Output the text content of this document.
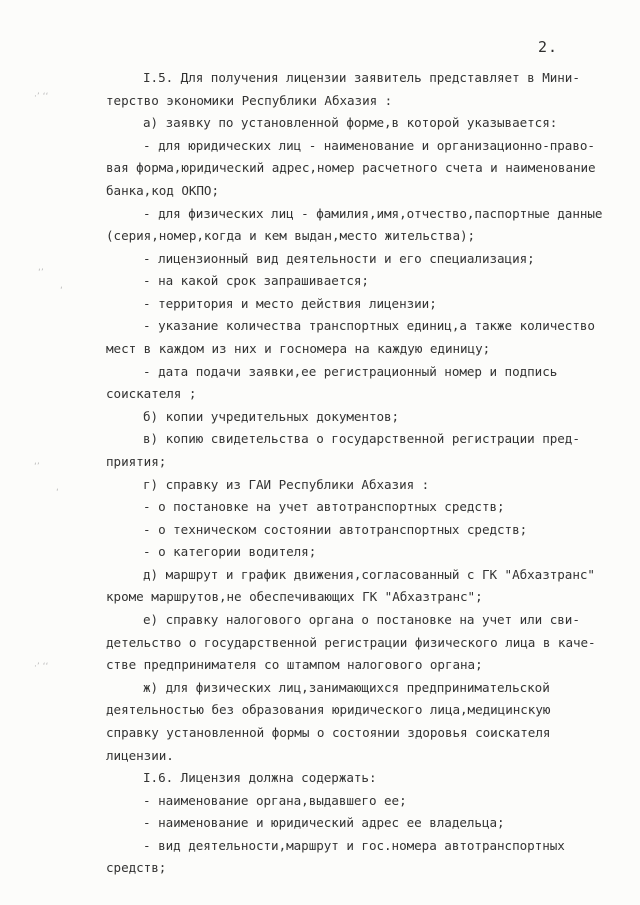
2.
I.5. Для получения лицензии заявитель представляет в Мини-
терство экономики Республики Абхазия :
а) заявку по установленной форме,в которой указывается:
- для юридических лиц - наименование и организационно-право-
вая форма,юридический адрес,номер расчетного счета и наименование
банка,код ОКПО;
- для физических лиц - фамилия,имя,отчество,паспортные данные
(серия,номер,когда и кем выдан,место жительства);
- лицензионный вид деятельности и его специализация;
- на какой срок запрашивается;
- территория и место действия лицензии;
- указание количества транспортных единиц,а также количество
мест в каждом из них и госномера на каждую единицу;
- дата подачи заявки,ее регистрационный номер и подпись
соискателя ;
б) копии учредительных документов;
в) копию свидетельства о государственной регистрации пред-
приятия;
г) справку из ГАИ Республики Абхазия :
- о постановке на учет автотранспортных средств;
- о техническом состоянии автотранспортных средств;
- о категории водителя;
д) маршрут и график движения,согласованный с ГК "Абхазтранс"
кроме маршрутов,не обеспечивающих ГК "Абхазтранс";
е) справку налогового органа о постановке на учет или сви-
детельство о государственной регистрации физического лица в каче-
стве предпринимателя со штампом налогового органа;
ж) для физических лиц,занимающихся предпринимательской
деятельностью без образования юридического лица,медицинскую
справку установленной формы о состоянии здоровья соискателя
лицензии.
I.6. Лицензия должна содержать:
- наименование органа,выдавшего ее;
- наименование и юридический адрес ее владельца;
- вид деятельности,маршрут и гос.номера автотранспортных
средств;
⋅ʼ ‘‘
‘’
‘
‘’
‘
⋅ʼ ‘‘
